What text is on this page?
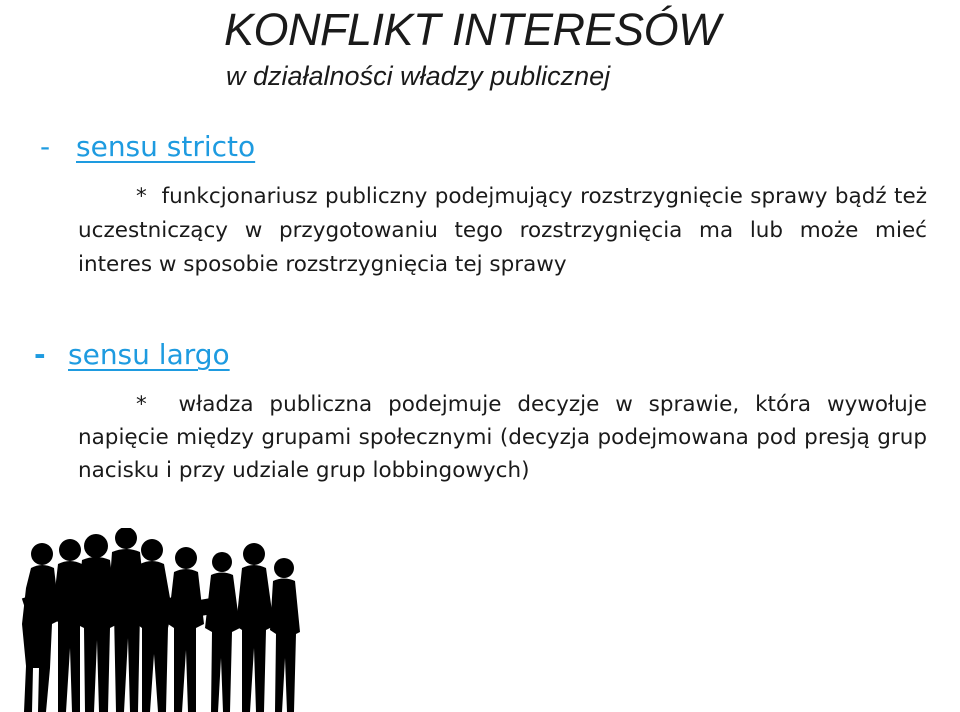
KONFLIKT INTERESÓW
w działalności władzy publicznej
- sensu stricto
* funkcjonariusz publiczny podejmujący rozstrzygnięcie sprawy bądź też uczestniczący w przygotowaniu tego rozstrzygnięcia ma lub może mieć interes w sposobie rozstrzygnięcia tej sprawy
- sensu largo
* władza publiczna podejmuje decyzje w sprawie, która wywołuje napięcie między grupami społecznymi (decyzja podejmowana pod presją grup nacisku i przy udziale grup lobbingowych)
